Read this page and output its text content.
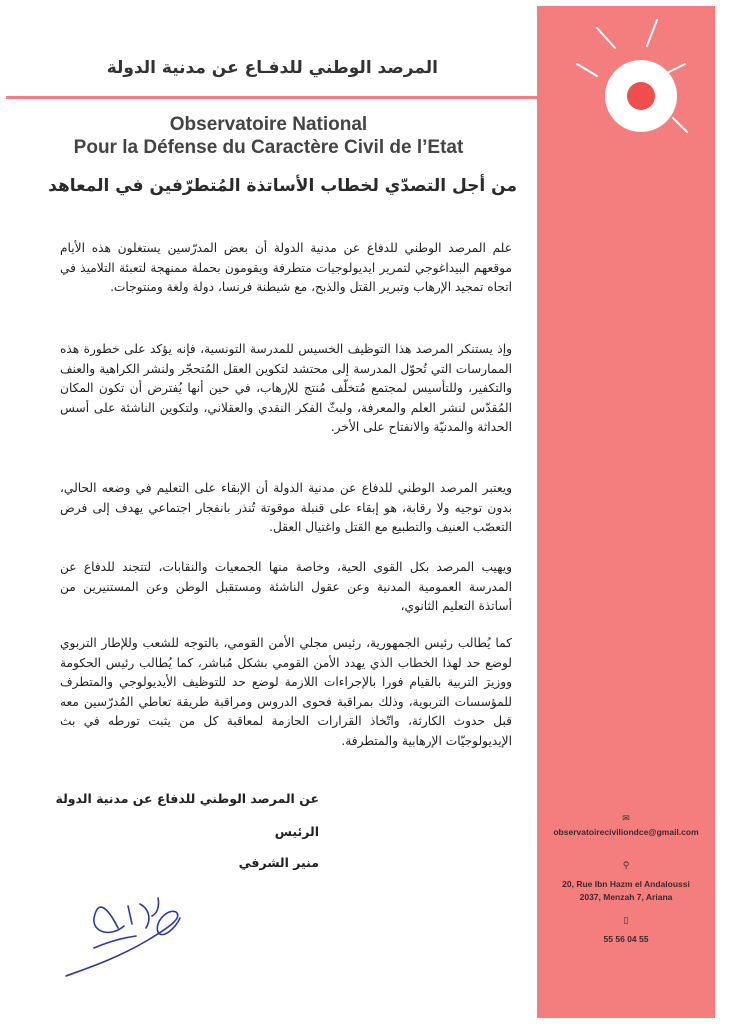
✉
observatoireciviliondce@gmail.com
⚲
20, Rue Ibn Hazm el Andaloussi
2037, Menzah 7, Ariana
▯
55 56 04 55
المرصد الوطني للدفـاع عن مدنية الدولة
Observatoire National
Pour la Défense du Caractère Civil de l’Etat
من أجل التصدّي لخطاب الأساتذة المُتطرّفين في المعاهد
علم المرصد الوطني للدفاع عن مدنية الدولة أن بعض المدرّسين يستغلون هذه الأيام موقعهم البيداغوجي لتمرير ايديولوجيات متطرفة ويقومون بحملة ممنهجة لتعبئة التلاميذ في اتجاه تمجيد الإرهاب وتبرير القتل والذبح، مع شيطنة فرنسا، دولة ولغة ومنتوجات.
وإذ يستنكر المرصد هذا التوظيف الخسيس للمدرسة التونسية، فإنه يؤكد على خطورة هذه الممارسات التي تُحوّل المدرسة إلى محتشد لتكوين العقل المُتحجّر ولنشر الكراهية والعنف والتكفير، وللتأسيس لمجتمع مُتخلّف مُنتج للإرهاب، في حين أنها يُفترض أن تكون المكان المُقدّس لنشر العلم والمعرفة، ولبثّ الفكر النقدي والعقلاني، ولتكوين الناشئة على أسس الحداثة والمدنيّة والانفتاح على الأخر.
ويعتبر المرصد الوطني للدفاع عن مدنية الدولة أن الإبقاء على التعليم في وضعه الحالي، بدون توجيه ولا رقابة، هو إبقاء على قنبلة موقوتة تُنذر بانفجار اجتماعي يهدف إلى فرض التعصّب العنيف والتطبيع مع القتل واغتيال العقل.
ويهيب المرصد بكل القوى الحية، وخاصة منها الجمعيات والنقابات، لتتجند للدفاع عن المدرسة العمومية المدنية وعن عقول الناشئة ومستقبل الوطن وعن المستنيرين من أساتذة التعليم الثانوي،
كما يُطالب رئيس الجمهورية، رئيس مجلي الأمن القومي، بالتوجه للشعب وللإطار التربوي لوضع حد لهذا الخطاب الذي يهدد الأمن القومي بشكل مُباشر، كما يُطالب رئيس الحكومة ووزيرَ التربية بالقيام فورا بالإجراءات اللازمة لوضع حد للتوظيف الأيديولوجي والمتطرف للمؤسسات التربوية، وذلك بمراقبة فحوى الدروس ومراقبة طريقة تعاطي المُدرّسين معه قبل حدوث الكارثة، واتّخاذ القرارات الحازمة لمعاقبة كل من يثبت تورطه في بث الإيديولوجيّات الإرهابية والمتطرفة.
عن المرصد الوطني للدفاع عن مدنية الدولة
الرئيس
منير الشرفي
